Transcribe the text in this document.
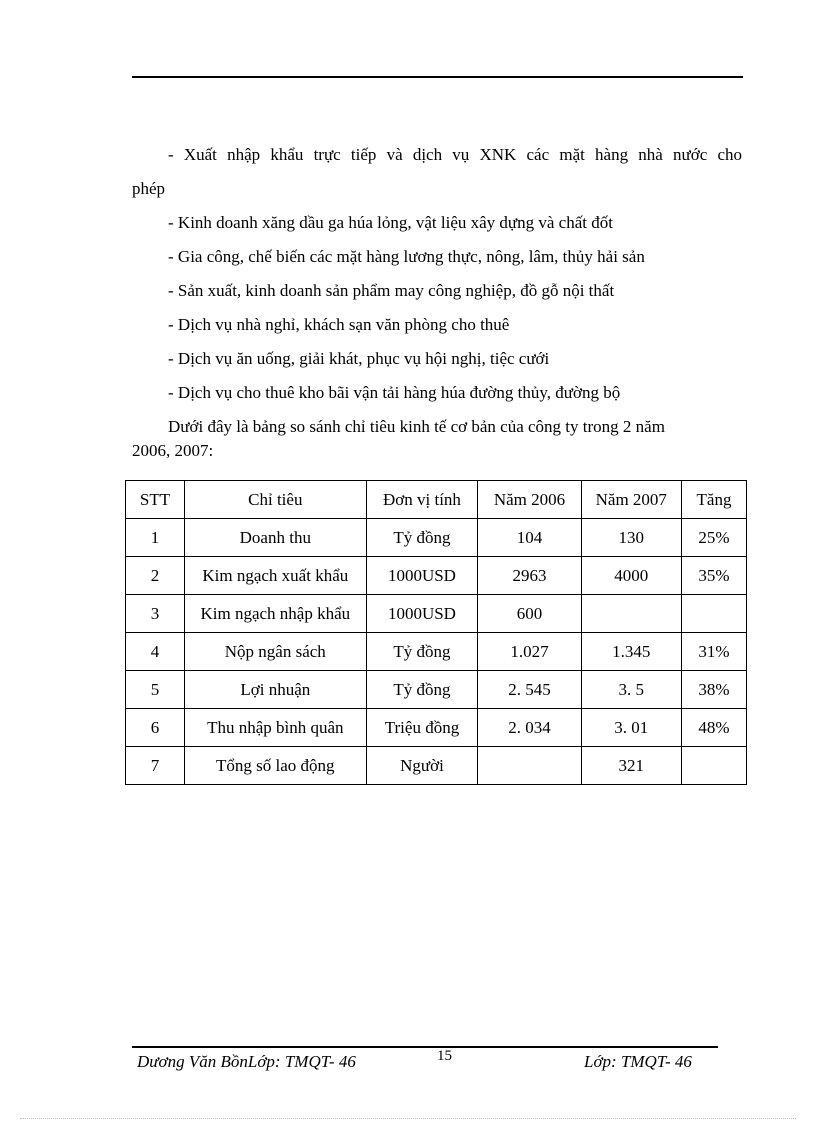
- Xuất nhập khẩu trực tiếp và dịch vụ XNK các mặt hàng nhà nước cho

phép

- Kinh doanh xăng dầu ga húa lỏng, vật liệu xây dựng và chất đốt

- Gia công, chế biến các mặt hàng lương thực, nông, lâm, thủy hải sản

- Sản xuất, kinh doanh sản phẩm may công nghiệp, đồ gỗ nội thất

- Dịch vụ nhà nghỉ, khách sạn văn phòng cho thuê

- Dịch vụ ăn uống, giải khát, phục vụ hội nghị, tiệc cưới

- Dịch vụ cho thuê kho bãi vận tải hàng húa đường thủy, đường bộ

Dưới đây là bảng so sánh chỉ tiêu kinh tế cơ bản của công ty trong 2 năm

2006, 2007:

STT	Chỉ tiêu	Đơn vị tính	Năm 2006	Năm 2007	Tăng
1	Doanh thu	Tỷ đồng	104	130	25%
2	Kim ngạch xuất khẩu	1000USD	2963	4000	35%
3	Kim ngạch nhập khẩu	1000USD	600		
4	Nộp ngân sách	Tỷ đồng	1.027	1.345	31%
5	Lợi nhuận	Tỷ đồng	2. 545	3. 5	38%
6	Thu nhập bình quân	Triệu đồng	2. 034	3. 01	48%
7	Tổng số lao động	Người		321	
Dương Văn BồnLớp: TMQT- 46	15	Lớp: TMQT- 46
